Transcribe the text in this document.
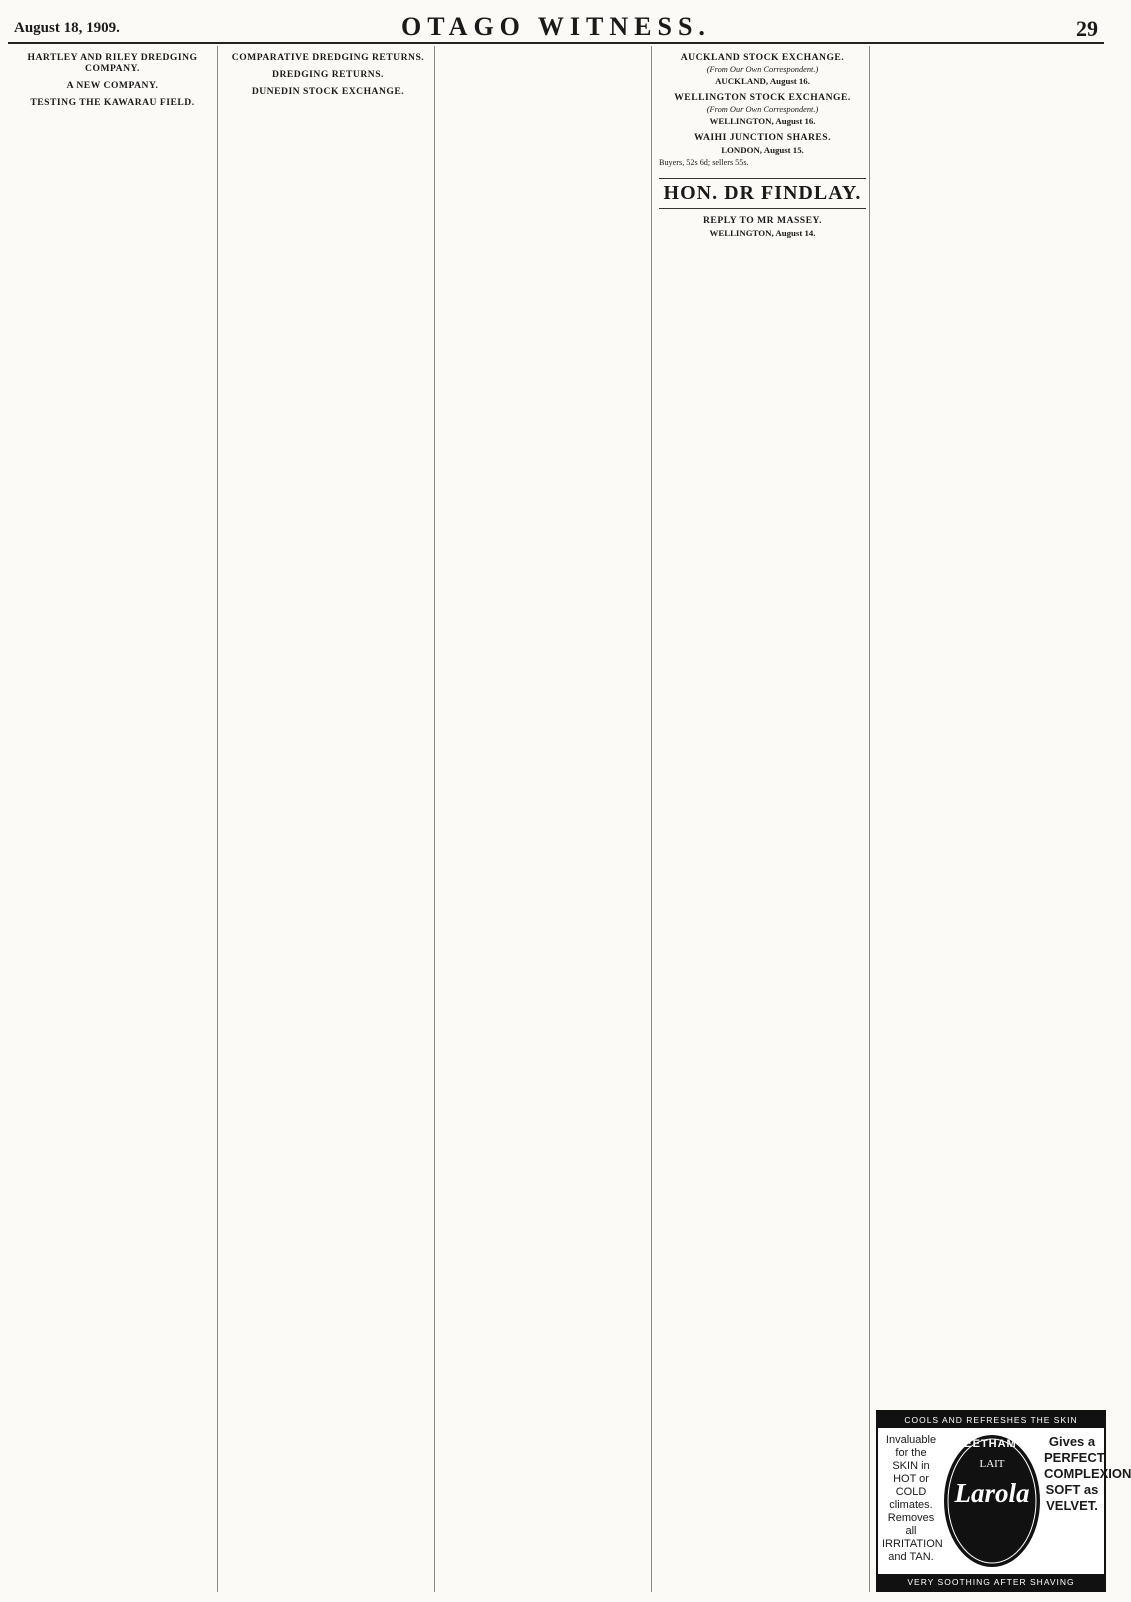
August 18, 1909.	OTAGO WITNESS.	29
HARTLEY AND RILEY DREDGING COMPANY.
A NEW COMPANY.
TESTING THE KAWARAU FIELD.
COMPARATIVE DREDGING RETURNS.
DREDGING RETURNS.
DUNEDIN STOCK EXCHANGE.
AUCKLAND STOCK EXCHANGE.
(From Our Own Correspondent.)
AUCKLAND, August 16.
WELLINGTON STOCK EXCHANGE.
(From Our Own Correspondent.)
WELLINGTON, August 16.
WAIHI JUNCTION SHARES.
LONDON, August 15.

Buyers, 52s 6d; sellers 55s.

HON. DR FINDLAY.
REPLY TO MR MASSEY.
WELLINGTON, August 14.
COOLS AND REFRESHES THE SKIN
Invaluable for the SKIN in HOT or COLD climates. Removes all IRRITATION and TAN.
BEETHAM'S
LAIT
Larola
Gives a PERFECT COMPLEXION SOFT as VELVET.
VERY SOOTHING AFTER SHAVING
